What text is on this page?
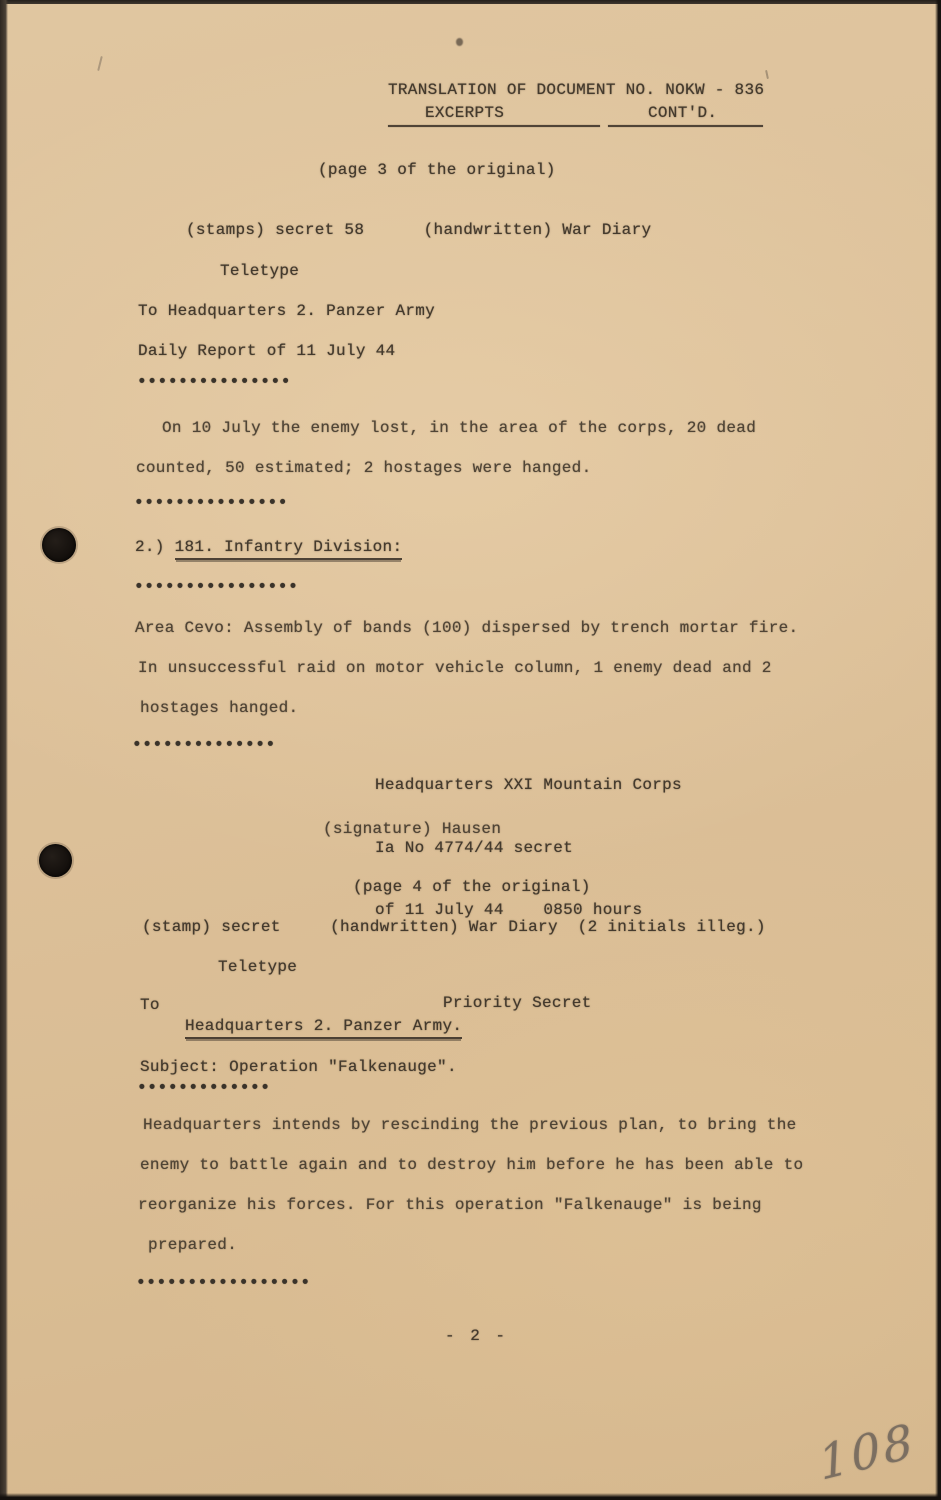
TRANSLATION OF DOCUMENT NO. NOKW - 836
EXCERPTS	CONT'D.
(page 3 of the original)
(stamps) secret 58      (handwritten) War Diary
Teletype
To Headquarters 2. Panzer Army
Daily Report of 11 July 44
●●●●●●●●●●●●●●●
On 10 July the enemy lost, in the area of the corps, 20 dead
counted, 50 estimated; 2 hostages were hanged.
●●●●●●●●●●●●●●●
2.) 181. Infantry Division:
●●●●●●●●●●●●●●●●
Area Cevo: Assembly of bands (100) dispersed by trench mortar fire.
In unsuccessful raid on motor vehicle column, 1 enemy dead and 2
hostages hanged.
●●●●●●●●●●●●●●

Headquarters XXI Mountain Corps

Ia No 4774/44 secret

of 11 July 44    0850 hours

(signature) Hausen
(page 4 of the original)
(stamp) secret     (handwritten) War Diary  (2 initials illeg.)
Teletype
To	Priority Secret
Headquarters 2. Panzer Army.
Subject: Operation "Falkenauge".
●●●●●●●●●●●●●
Headquarters intends by rescinding the previous plan, to bring the
enemy to battle again and to destroy him before he has been able to
reorganize his forces. For this operation "Falkenauge" is being
prepared.
●●●●●●●●●●●●●●●●●
- 2 -
108
